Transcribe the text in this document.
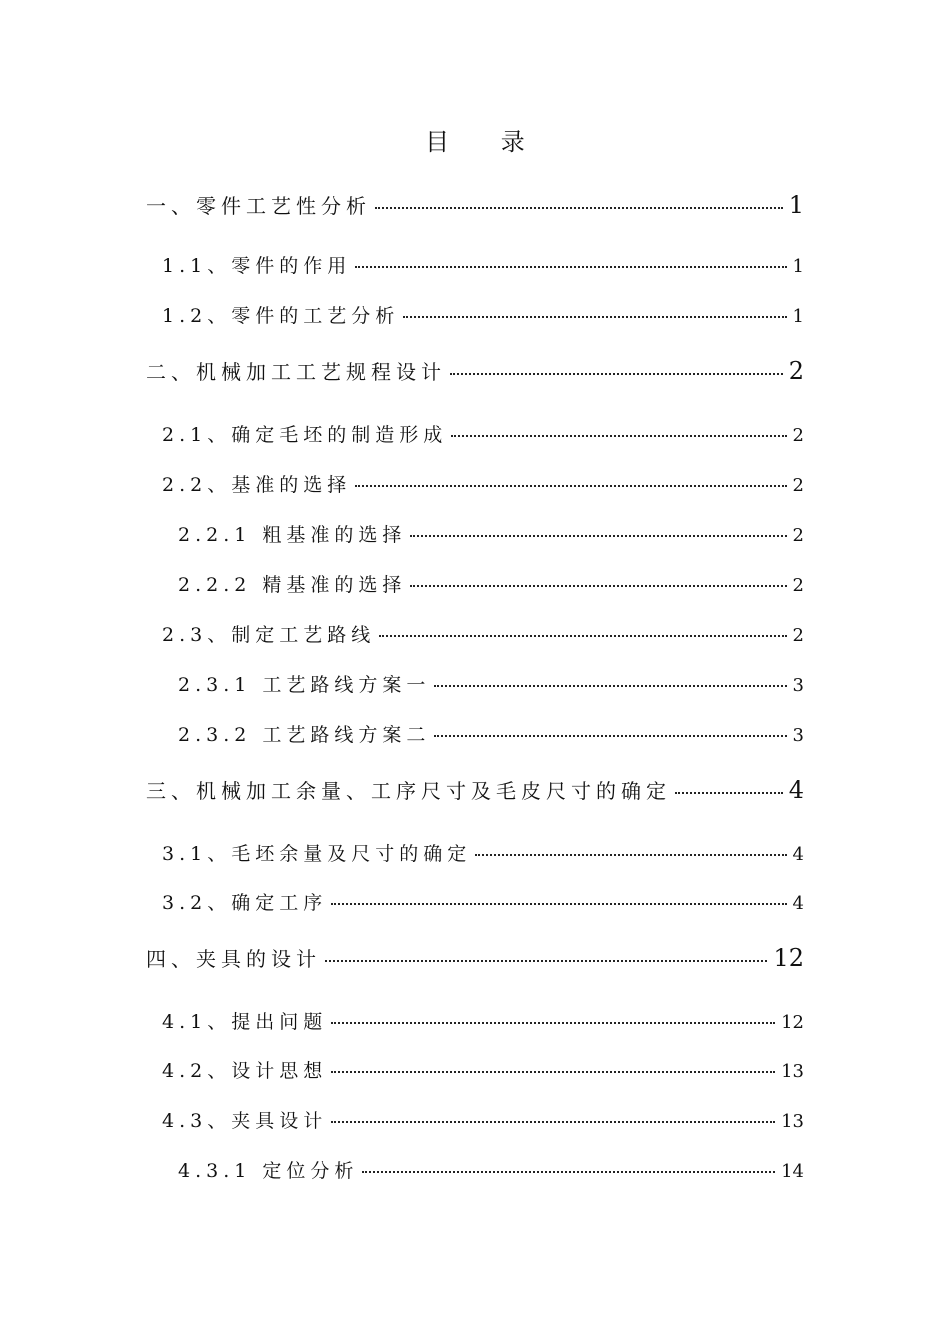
目 录
一、零件工艺性分析	1
1.1、零件的作用	1
1.2、零件的工艺分析	1
二、机械加工工艺规程设计	2
2.1、确定毛坯的制造形成	2
2.2、基准的选择	2
2.2.1 粗基准的选择	2
2.2.2 精基准的选择	2
2.3、制定工艺路线	2
2.3.1 工艺路线方案一	3
2.3.2 工艺路线方案二	3
三、机械加工余量、工序尺寸及毛皮尺寸的确定	4
3.1、毛坯余量及尺寸的确定	4
3.2、确定工序	4
四、夹具的设计	12
4.1、提出问题	12
4.2、设计思想	13
4.3、夹具设计	13
4.3.1 定位分析	14
